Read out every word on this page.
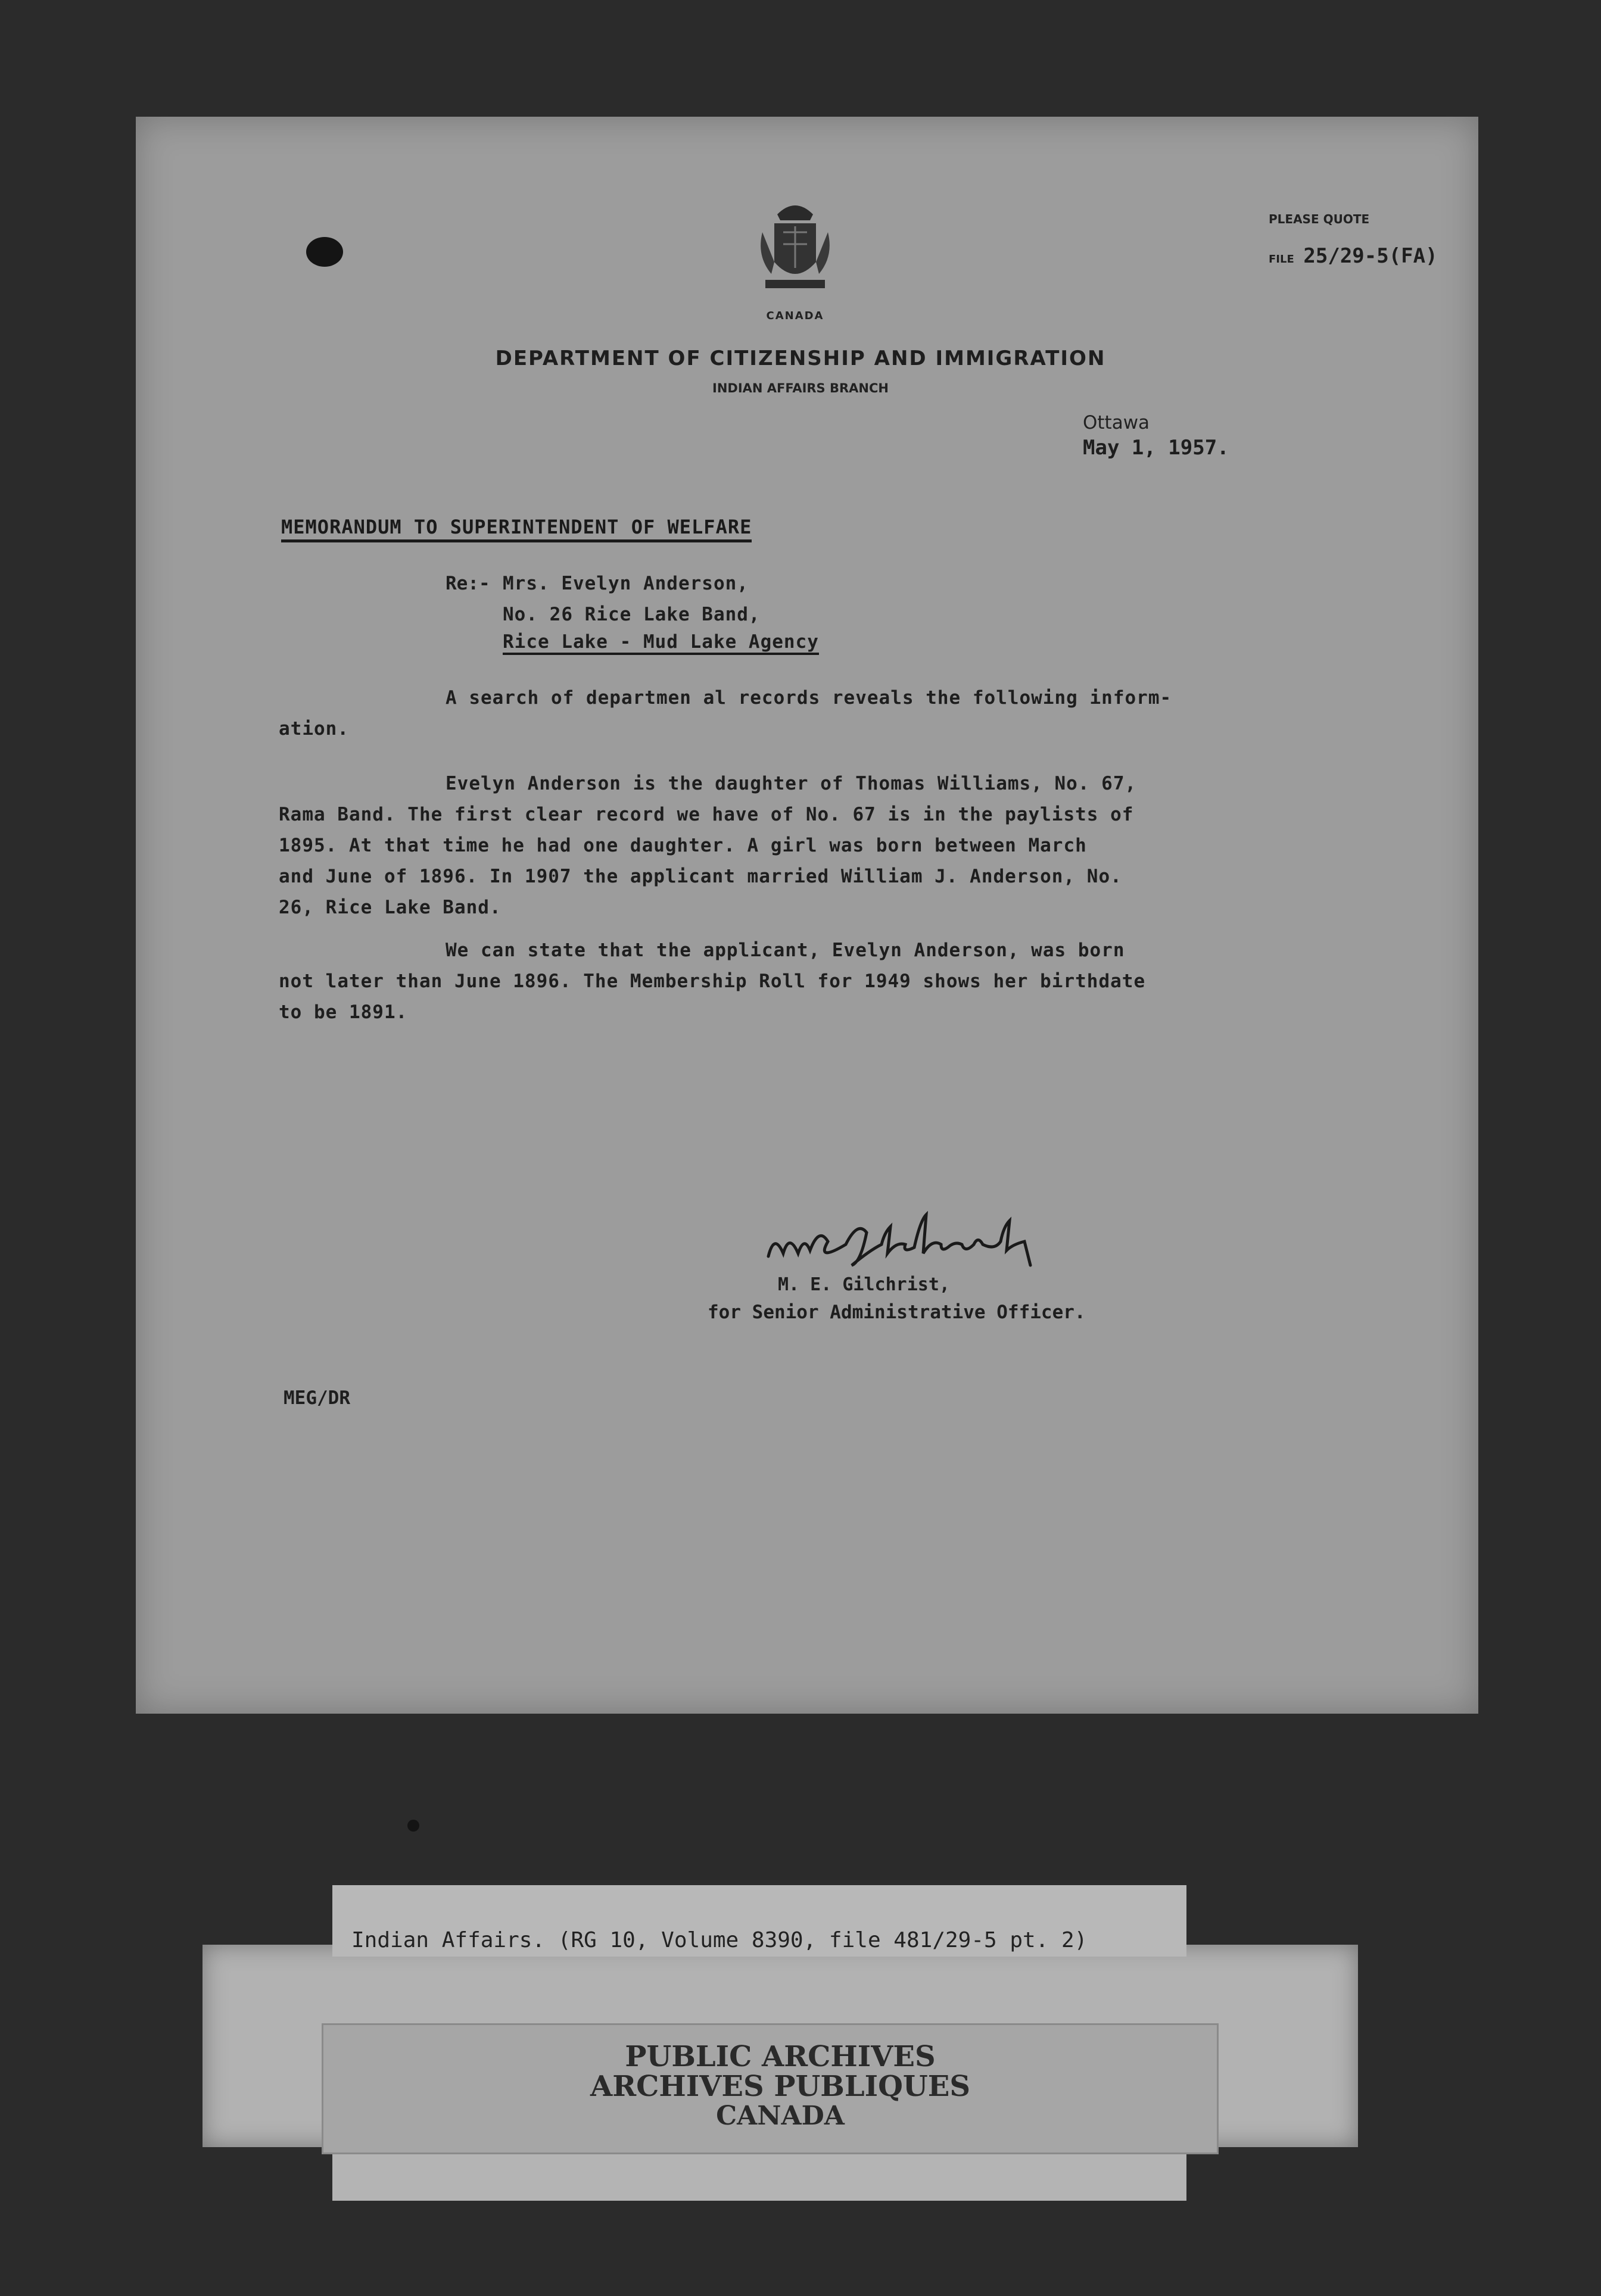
CANADA
PLEASE QUOTE
FILE 25/29-5(FA)
DEPARTMENT OF CITIZENSHIP AND IMMIGRATION
INDIAN AFFAIRS BRANCH
Ottawa
May 1, 1957.
MEMORANDUM TO SUPERINTENDENT OF WELFARE
Re:- Mrs. Evelyn Anderson,
No. 26 Rice Lake Band,
Rice Lake - Mud Lake Agency
A search of departmen al records reveals the following inform-
ation.
Evelyn Anderson is the daughter of Thomas Williams, No. 67,
Rama Band. The first clear record we have of No. 67 is in the paylists of
1895. At that time he had one daughter. A girl was born between March
and June of 1896. In 1907 the applicant married William J. Anderson, No.
26, Rice Lake Band.
We can state that the applicant, Evelyn Anderson, was born
not later than June 1896. The Membership Roll for 1949 shows her birthdate
to be 1891.
M. E. Gilchrist,
for Senior Administrative Officer.
MEG/DR
Indian Affairs. (RG 10, Volume 8390, file 481/29-5 pt. 2)
PUBLIC ARCHIVES
ARCHIVES PUBLIQUES
CANADA
